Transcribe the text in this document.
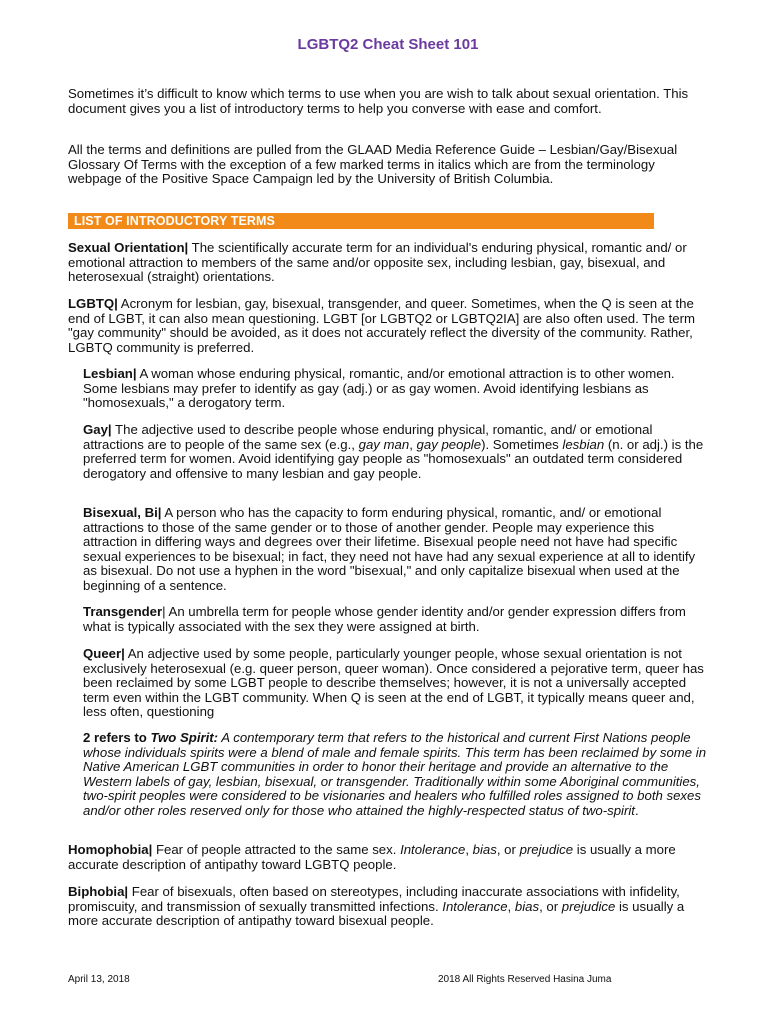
LGBTQ2 Cheat Sheet 101

Sometimes it’s difficult to know which terms to use when you are wish to talk about sexual orientation. This document gives you a list of introductory terms to help you converse with ease and comfort.

All the terms and definitions are pulled from the GLAAD Media Reference Guide – Lesbian/Gay/Bisexual Glossary Of Terms with the exception of a few marked terms in italics which are from the terminology webpage of the Positive Space Campaign led by the University of British Columbia.

LIST OF INTRODUCTORY TERMS

Sexual Orientation| The scientifically accurate term for an individual's enduring physical, romantic and/ or emotional attraction to members of the same and/or opposite sex, including lesbian, gay, bisexual, and heterosexual (straight) orientations.

LGBTQ| Acronym for lesbian, gay, bisexual, transgender, and queer. Sometimes, when the Q is seen at the end of LGBT, it can also mean questioning. LGBT [or LGBTQ2 or LGBTQ2IA] are also often used. The term "gay community" should be avoided, as it does not accurately reflect the diversity of the community. Rather, LGBTQ community is preferred.

Lesbian| A woman whose enduring physical, romantic, and/or emotional attraction is to other women. Some lesbians may prefer to identify as gay (adj.) or as gay women. Avoid identifying lesbians as "homosexuals," a derogatory term.

Gay| The adjective used to describe people whose enduring physical, romantic, and/ or emotional attractions are to people of the same sex (e.g., gay man, gay people). Sometimes lesbian (n. or adj.) is the preferred term for women. Avoid identifying gay people as "homosexuals" an outdated term considered derogatory and offensive to many lesbian and gay people.

Bisexual, Bi| A person who has the capacity to form enduring physical, romantic, and/ or emotional attractions to those of the same gender or to those of another gender. People may experience this attraction in differing ways and degrees over their lifetime. Bisexual people need not have had specific sexual experiences to be bisexual; in fact, they need not have had any sexual experience at all to identify as bisexual. Do not use a hyphen in the word "bisexual," and only capitalize bisexual when used at the beginning of a sentence.

Transgender| An umbrella term for people whose gender identity and/or gender expression differs from what is typically associated with the sex they were assigned at birth.

Queer| An adjective used by some people, particularly younger people, whose sexual orientation is not exclusively heterosexual (e.g. queer person, queer woman). Once considered a pejorative term, queer has been reclaimed by some LGBT people to describe themselves; however, it is not a universally accepted term even within the LGBT community. When Q is seen at the end of LGBT, it typically means queer and, less often, questioning

2 refers to Two Spirit: A contemporary term that refers to the historical and current First Nations people whose individuals spirits were a blend of male and female spirits. This term has been reclaimed by some in Native American LGBT communities in order to honor their heritage and provide an alternative to the Western labels of gay, lesbian, bisexual, or transgender. Traditionally within some Aboriginal communities, two-spirit peoples were considered to be visionaries and healers who fulfilled roles assigned to both sexes and/or other roles reserved only for those who attained the highly-respected status of two-spirit.

Homophobia| Fear of people attracted to the same sex. Intolerance, bias, or prejudice is usually a more accurate description of antipathy toward LGBTQ people.

Biphobia| Fear of bisexuals, often based on stereotypes, including inaccurate associations with infidelity, promiscuity, and transmission of sexually transmitted infections. Intolerance, bias, or prejudice is usually a more accurate description of antipathy toward bisexual people.

April 13, 2018	2018 All Rights Reserved Hasina Juma
